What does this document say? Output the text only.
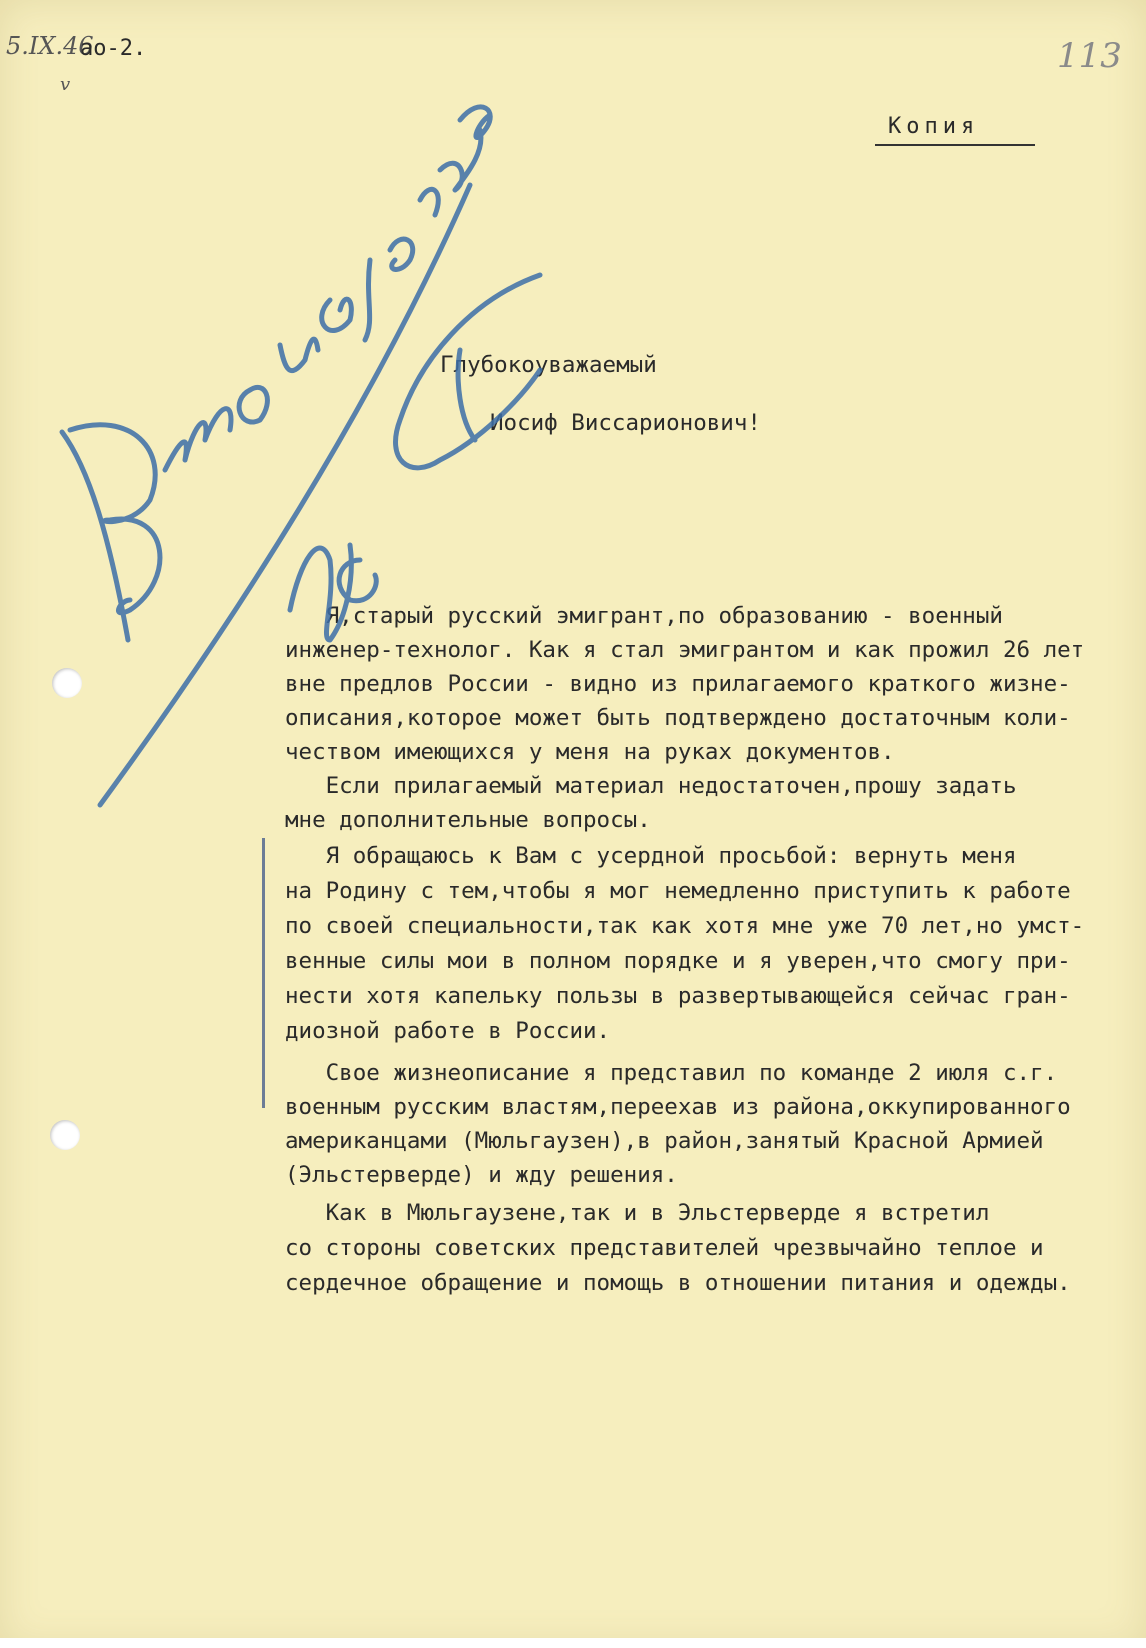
5.IX.46
v
ао-2.	113
Копия
Глубокоуважаемый
Иосиф Виссарионович!
Я,старый русский эмигрант,по образованию - военный
инженер-технолог. Как я стал эмигрантом и как прожил 26 лет
вне предлов России - видно из прилагаемого краткого жизне-
описания,которое может быть подтверждено достаточным коли-
чеством имеющихся у меня на руках документов.
Если прилагаемый материал недостаточен,прошу задать
мне дополнительные вопросы.
Я обращаюсь к Вам с усердной просьбой: вернуть меня
на Родину с тем,чтобы я мог немедленно приступить к работе
по своей специальности,так как хотя мне уже 70 лет,но умст-
венные силы мои в полном порядке и я уверен,что смогу при-
нести хотя капельку пользы в развертывающейся сейчас гран-
диозной работе в России.
Свое жизнеописание я представил по команде 2 июля с.г.
военным русским властям,переехав из района,оккупированного
американцами (Мюльгаузен),в район,занятый Красной Армией
(Эльстерверде) и жду решения.
Как в Мюльгаузене,так и в Эльстерверде я встретил
со стороны советских представителей чрезвычайно теплое и
сердечное обращение и помощь в отношении питания и одежды.
